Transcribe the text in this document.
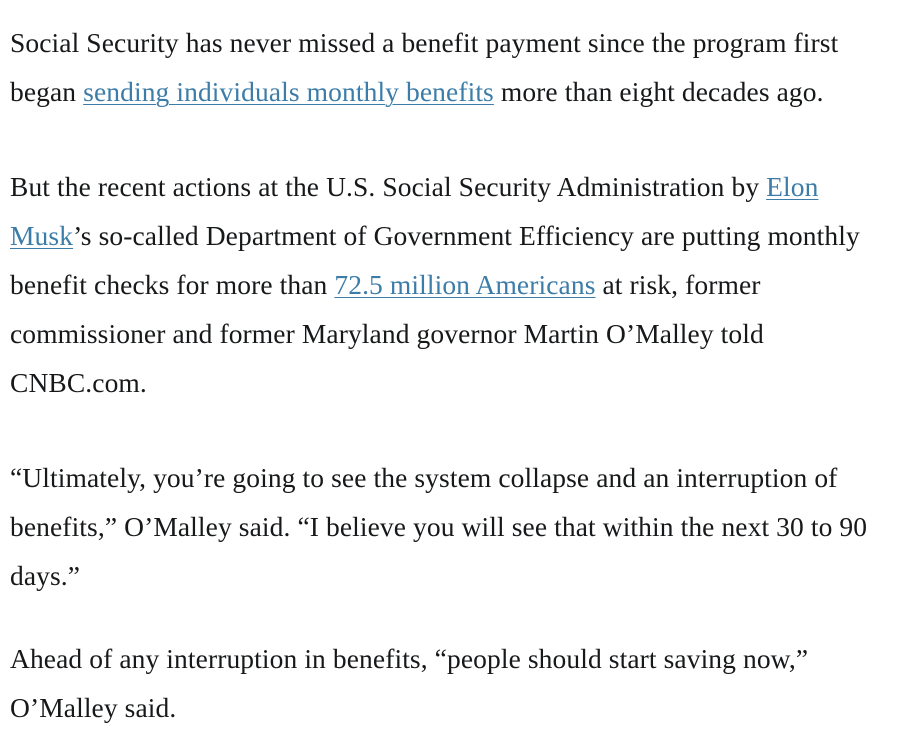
Social Security has never missed a benefit payment since the program first began sending individuals monthly benefits more than eight decades ago.

But the recent actions at the U.S. Social Security Administration by Elon Musk’s so-called Department of Government Efficiency are putting monthly benefit checks for more than 72.5 million Americans at risk, former commissioner and former Maryland governor Martin O’Malley told CNBC.com.

“Ultimately, you’re going to see the system collapse and an interruption of benefits,” O’Malley said. “I believe you will see that within the next 30 to 90 days.”

Ahead of any interruption in benefits, “people should start saving now,” O’Malley said.
